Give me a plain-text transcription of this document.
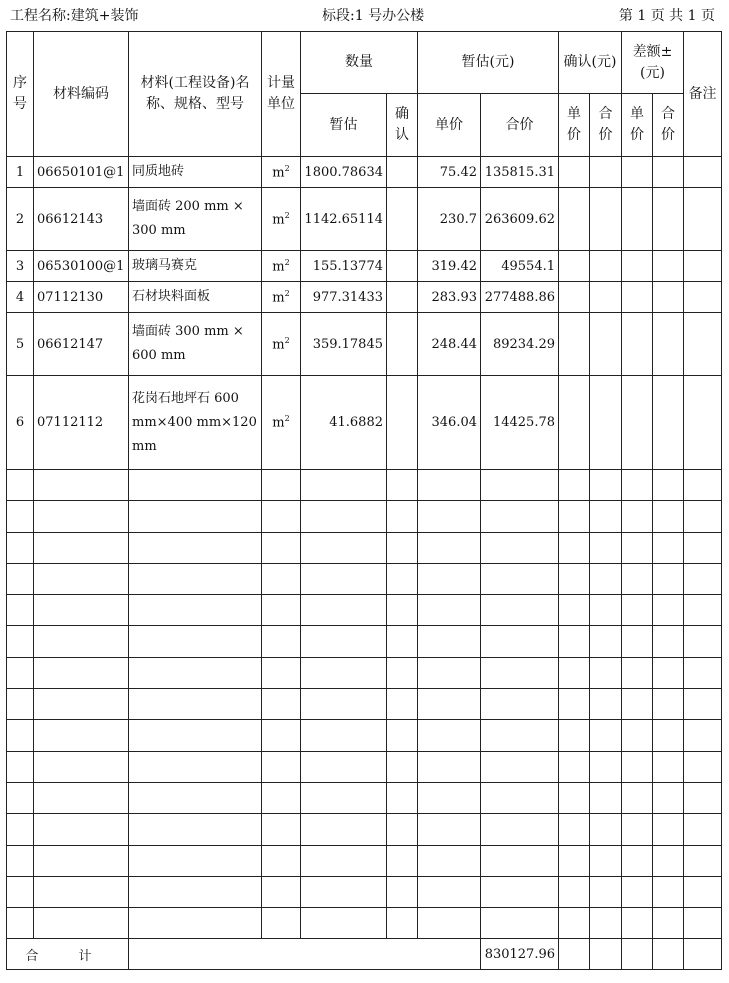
工程名称:建筑+装饰	标段:1 号办公楼	第 1 页 共 1 页
序号	材料编码	材料(工程设备)名称、规格、型号	计量单位	数量		暂估(元)		确认(元)		差额±(元)		备注
				暂估	确认	单价	合价	单价	合价	单价	合价	
1	06650101@1	同质地砖	$m^2$	1800.78634		75.42	135815.31					
2	06612143	墙面砖 200 mm × 300 mm	$m^2$	1142.65114		230.7	263609.62					
3	06530100@1	玻璃马赛克	$m^2$	155.13774		319.42	49554.1					
4	07112130	石材块料面板	$m^2$	977.31433		283.93	277488.86					
5	06612147	墙面砖 300 mm × 600 mm	$m^2$	359.17845		248.44	89234.29					
6	07112112	花岗石地坪石 600 mm×400 mm×120 mm	$m^2$	41.6882		346.04	14425.78					

合 计							830127.96					
